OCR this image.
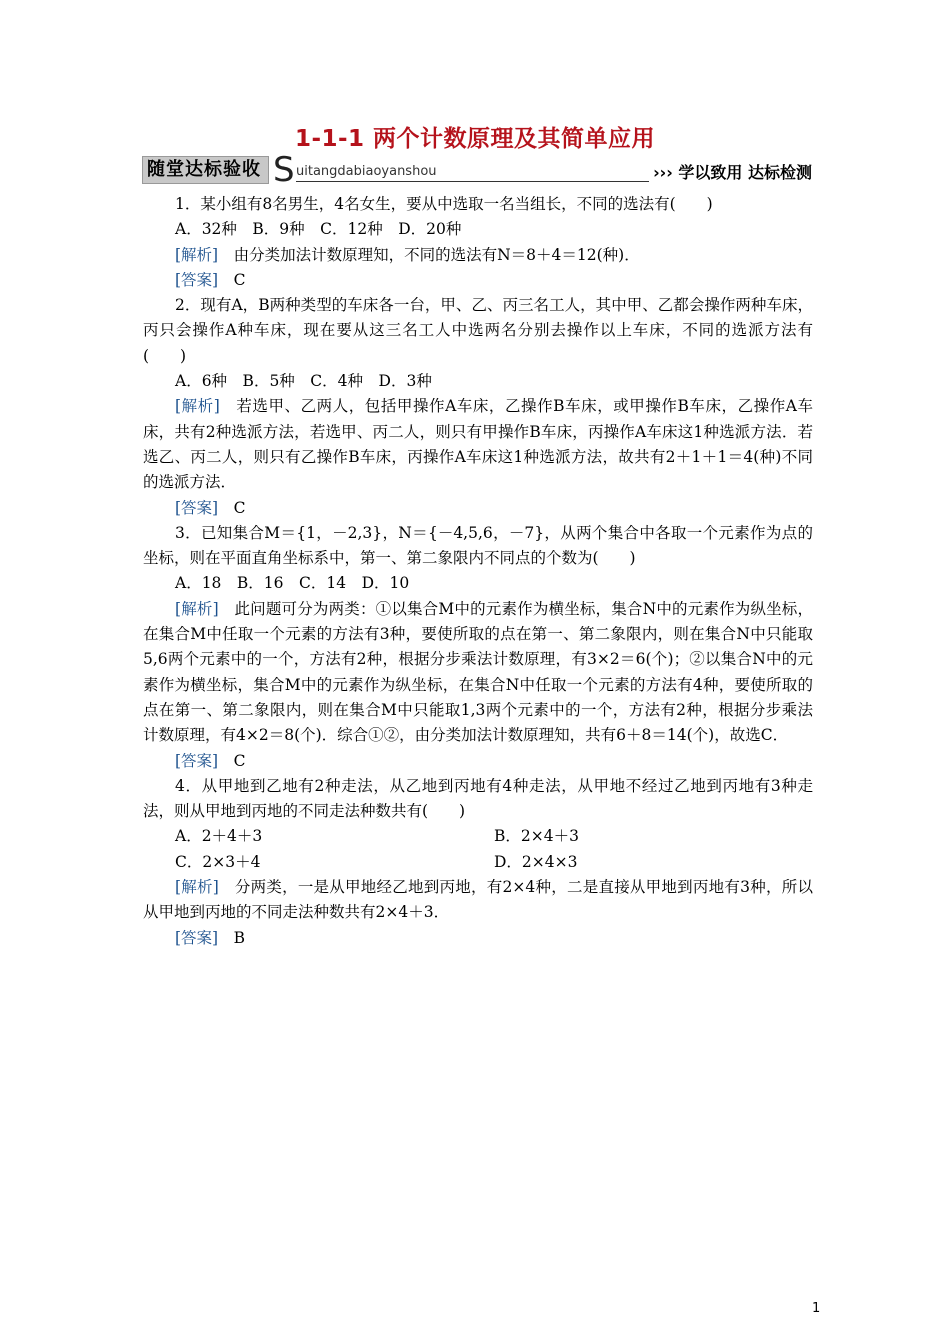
1-1-1 两个计数原理及其简单应用
随堂达标验收 S uitangdabiaoyanshou	››› 学以致用 达标检测

1．某小组有8名男生，4名女生，要从中选取一名当组长，不同的选法有(　　)

A．32种　B．9种　C．12种　D．20种

[解析]　由分类加法计数原理知，不同的选法有N＝8＋4＝12(种)．

[答案]　C

2．现有A，B两种类型的车床各一台，甲、乙、丙三名工人，其中甲、乙都会操作两种车床，丙只会操作A种车床，现在要从这三名工人中选两名分别去操作以上车床，不同的选派方法有(　　)

A．6种　B．5种　C．4种　D．3种

[解析]　若选甲、乙两人，包括甲操作A车床，乙操作B车床，或甲操作B车床，乙操作A车床，共有2种选派方法，若选甲、丙二人，则只有甲操作B车床，丙操作A车床这1种选派方法．若选乙、丙二人，则只有乙操作B车床，丙操作A车床这1种选派方法，故共有2＋1＋1＝4(种)不同的选派方法．

[答案]　C

3．已知集合M＝{1，－2,3}，N＝{－4,5,6，－7}，从两个集合中各取一个元素作为点的坐标，则在平面直角坐标系中，第一、第二象限内不同点的个数为(　　)

A．18　B．16　C．14　D．10

[解析]　此问题可分为两类：①以集合M中的元素作为横坐标，集合N中的元素作为纵坐标，在集合M中任取一个元素的方法有3种，要使所取的点在第一、第二象限内，则在集合N中只能取5,6两个元素中的一个，方法有2种，根据分步乘法计数原理，有3×2＝6(个)；②以集合N中的元素作为横坐标，集合M中的元素作为纵坐标，在集合N中任取一个元素的方法有4种，要使所取的点在第一、第二象限内，则在集合M中只能取1,3两个元素中的一个，方法有2种，根据分步乘法计数原理，有4×2＝8(个)．综合①②，由分类加法计数原理知，共有6＋8＝14(个)，故选C．

[答案]　C

4．从甲地到乙地有2种走法，从乙地到丙地有4种走法，从甲地不经过乙地到丙地有3种走法，则从甲地到丙地的不同走法种数共有(　　)

A．2＋4＋3	B．2×4＋3
C．2×3＋4	D．2×4×3

[解析]　分两类，一是从甲地经乙地到丙地，有2×4种，二是直接从甲地到丙地有3种，所以从甲地到丙地的不同走法种数共有2×4＋3．

[答案]　B

1
